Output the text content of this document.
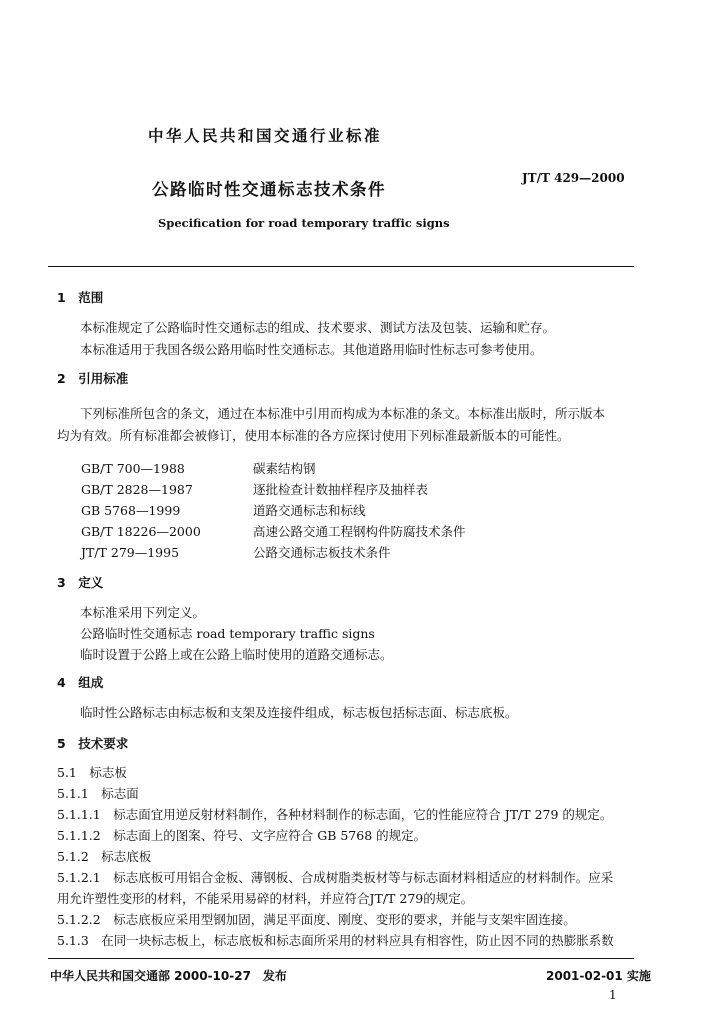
中华人民共和国交通行业标准
公路临时性交通标志技术条件
JT/T 429—2000
Specification for road temporary traffic signs
1　范围
本标准规定了公路临时性交通标志的组成、技术要求、测试方法及包装、运输和贮存。
本标准适用于我国各级公路用临时性交通标志。其他道路用临时性标志可参考使用。
2　引用标准
下列标准所包含的条文，通过在本标准中引用而构成为本标准的条文。本标准出版时，所示版本
均为有效。所有标准都会被修订，使用本标准的各方应探讨使用下列标准最新版本的可能性。
GB/T 700—1988	碳素结构钢
GB/T 2828—1987	逐批检查计数抽样程序及抽样表
GB 5768—1999	道路交通标志和标线
GB/T 18226—2000	高速公路交通工程钢构件防腐技术条件
JT/T 279—1995	公路交通标志板技术条件
3　定义
本标准采用下列定义。
公路临时性交通标志 road temporary traffic signs
临时设置于公路上或在公路上临时使用的道路交通标志。
4　组成
临时性公路标志由标志板和支架及连接件组成，标志板包括标志面、标志底板。
5　技术要求
5.1　标志板
5.1.1　标志面
5.1.1.1　标志面宜用逆反射材料制作，各种材料制作的标志面，它的性能应符合 JT/T 279 的规定。
5.1.1.2　标志面上的图案、符号、文字应符合 GB 5768 的规定。
5.1.2　标志底板
5.1.2.1　标志底板可用铝合金板、薄钢板、合成树脂类板材等与标志面材料相适应的材料制作。应采
用允许塑性变形的材料，不能采用易碎的材料，并应符合JT/T 279的规定。
5.1.2.2　标志底板应采用型钢加固，满足平面度、刚度、变形的要求，并能与支架牢固连接。
5.1.3　在同一块标志板上，标志底板和标志面所采用的材料应具有相容性，防止因不同的热膨胀系数
中华人民共和国交通部 2000-10-27　发布	2001-02-01 实施
1
